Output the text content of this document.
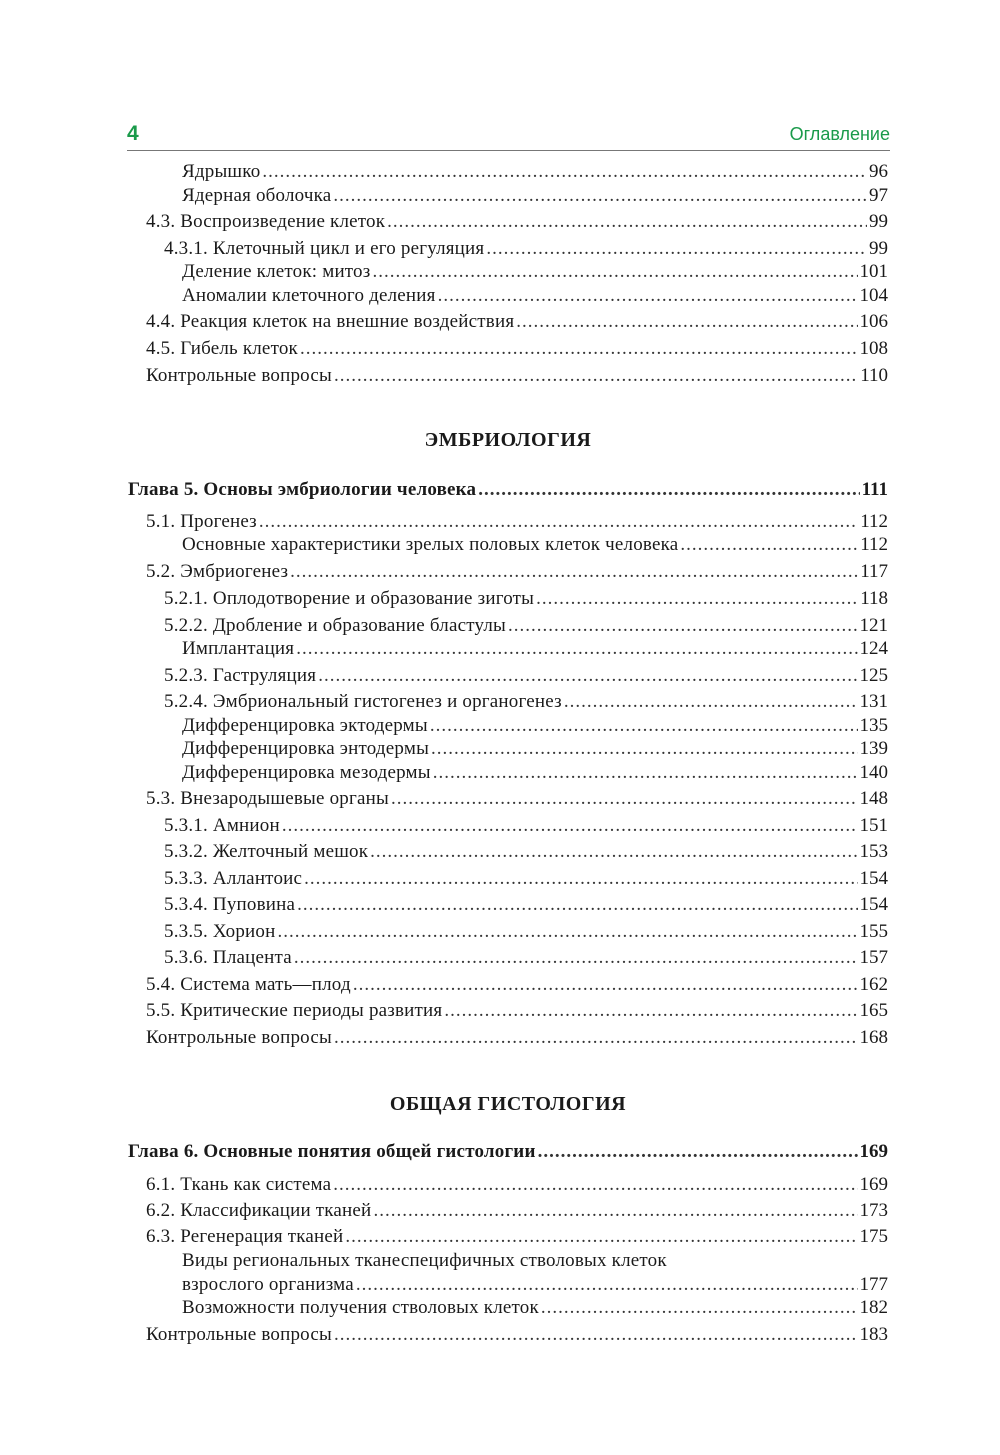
4	Оглавление
Ядрышко .....	96
Ядерная оболочка .....	97
4.3. Воспроизведение клеток .....	99
4.3.1. Клеточный цикл и его регуляция .....	99
Деление клеток: митоз .....	101
Аномалии клеточного деления .....	104
4.4. Реакция клеток на внешние воздействия .....	106
4.5. Гибель клеток .....	108
Контрольные вопросы .....	110
ЭМБРИОЛОГИЯ
Глава 5. Основы эмбриологии человека .....	111
5.1. Прогенез .....	112
Основные характеристики зрелых половых клеток человека .....	112
5.2. Эмбриогенез .....	117
5.2.1. Оплодотворение и образование зиготы .....	118
5.2.2. Дробление и образование бластулы .....	121
Имплантация .....	124
5.2.3. Гаструляция .....	125
5.2.4. Эмбриональный гистогенез и органогенез .....	131
Дифференцировка эктодермы .....	135
Дифференцировка энтодермы .....	139
Дифференцировка мезодермы .....	140
5.3. Внезародышевые органы .....	148
5.3.1. Амнион .....	151
5.3.2. Желточный мешок .....	153
5.3.3. Аллантоис .....	154
5.3.4. Пуповина .....	154
5.3.5. Хорион .....	155
5.3.6. Плацента .....	157
5.4. Система мать—плод .....	162
5.5. Критические периоды развития .....	165
Контрольные вопросы .....	168
ОБЩАЯ ГИСТОЛОГИЯ
Глава 6. Основные понятия общей гистологии .....	169
6.1. Ткань как система .....	169
6.2. Классификации тканей .....	173
6.3. Регенерация тканей .....	175
Виды региональных тканеспецифичных стволовых клеток
взрослого организма .....	177
Возможности получения стволовых клеток .....	182
Контрольные вопросы .....	183
